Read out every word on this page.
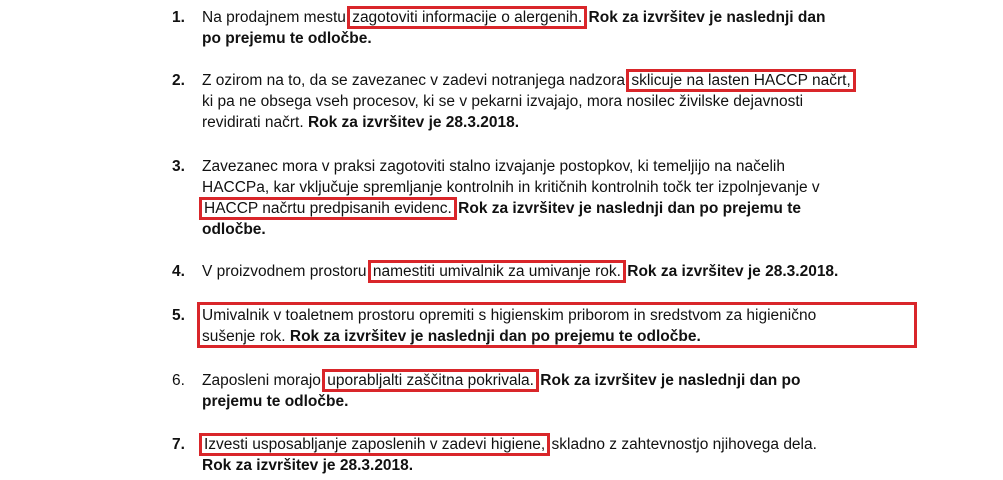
1.	Na prodajnem mestu zagotoviti informacije o alergenih. Rok za izvršitev je naslednji dan
po prejemu te odločbe.
2.	Z ozirom na to, da se zavezanec v zadevi notranjega nadzora sklicuje na lasten HACCP načrt,
ki pa ne obsega vseh procesov, ki se v pekarni izvajajo, mora nosilec živilske dejavnosti
revidirati načrt. Rok za izvršitev je 28.3.2018.
3.	Zavezanec mora v praksi zagotoviti stalno izvajanje postopkov, ki temeljijo na načelih
HACCPa, kar vključuje spremljanje kontrolnih in kritičnih kontrolnih točk ter izpolnjevanje v
HACCP načrtu predpisanih evidenc. Rok za izvršitev je naslednji dan po prejemu te
odločbe.
4.	V proizvodnem prostoru namestiti umivalnik za umivanje rok. Rok za izvršitev je 28.3.2018.
5.	Umivalnik v toaletnem prostoru opremiti s higienskim priborom in sredstvom za higienično
sušenje rok. Rok za izvršitev je naslednji dan po prejemu te odločbe.
6.	Zaposleni morajo uporabljalti zaščitna pokrivala. Rok za izvršitev je naslednji dan po
prejemu te odločbe.
7.	Izvesti usposabljanje zaposlenih v zadevi higiene, skladno z zahtevnostjo njihovega dela.
Rok za izvršitev je 28.3.2018.
